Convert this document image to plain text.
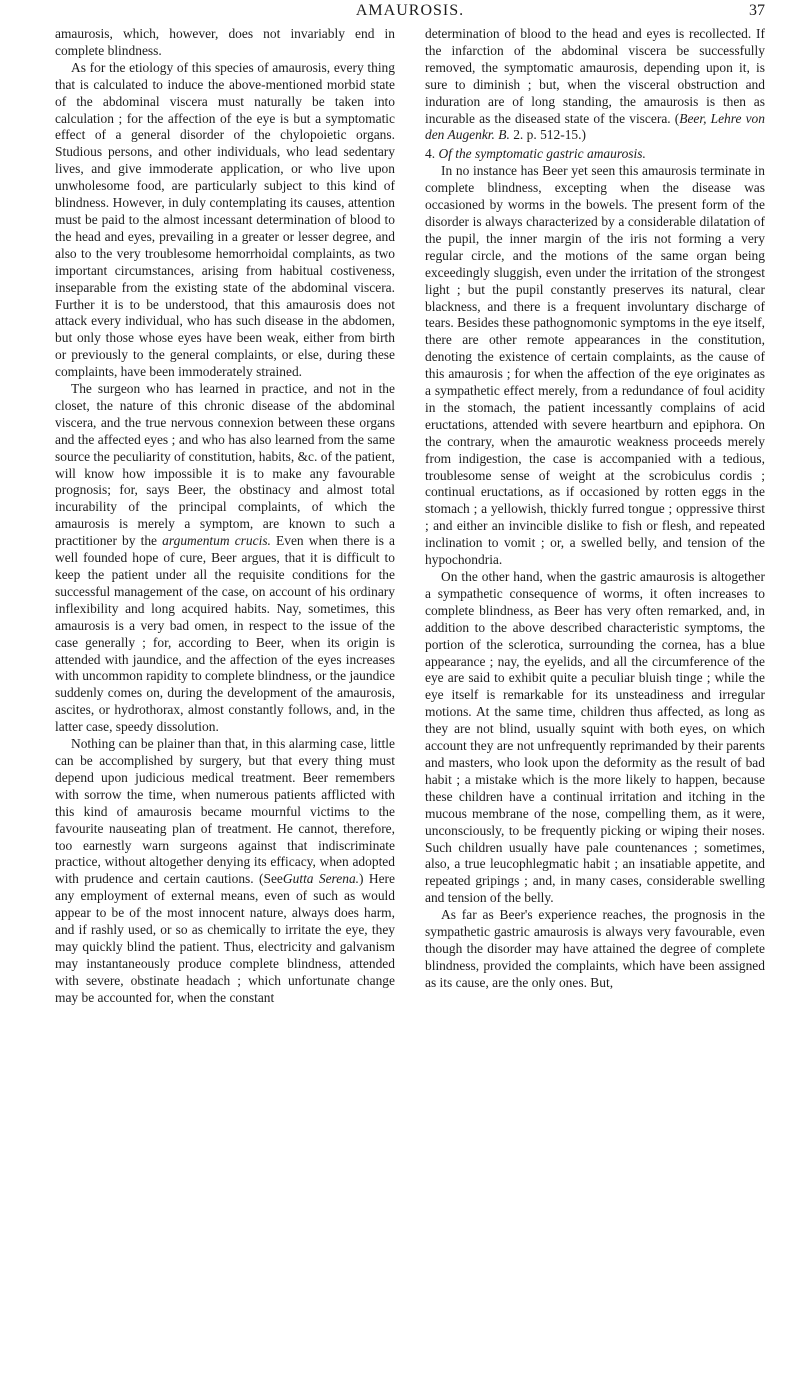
AMAUROSIS.	37

amaurosis, which, however, does not invariably end in complete blindness.

As for the etiology of this species of amaurosis, every thing that is calculated to induce the above-mentioned morbid state of the abdominal viscera must naturally be taken into calculation ; for the affection of the eye is but a symptomatic effect of a general disorder of the chylopoietic organs. Studious persons, and other individuals, who lead sedentary lives, and give immoderate application, or who live upon unwholesome food, are particularly subject to this kind of blindness. However, in duly contemplating its causes, attention must be paid to the almost incessant determination of blood to the head and eyes, prevailing in a greater or lesser degree, and also to the very troublesome hemorrhoidal complaints, as two important circumstances, arising from habitual costiveness, inseparable from the existing state of the abdominal viscera. Further it is to be understood, that this amaurosis does not attack every individual, who has such disease in the abdomen, but only those whose eyes have been weak, either from birth or previously to the general complaints, or else, during these complaints, have been immoderately strained.

The surgeon who has learned in practice, and not in the closet, the nature of this chronic disease of the abdominal viscera, and the true nervous connexion between these organs and the affected eyes ; and who has also learned from the same source the peculiarity of constitution, habits, &c. of the patient, will know how impossible it is to make any favourable prognosis; for, says Beer, the obstinacy and almost total incurability of the principal complaints, of which the amaurosis is merely a symptom, are known to such a practitioner by the argumentum crucis. Even when there is a well founded hope of cure, Beer argues, that it is difficult to keep the patient under all the requisite conditions for the successful management of the case, on account of his ordinary inflexibility and long acquired habits. Nay, sometimes, this amaurosis is a very bad omen, in respect to the issue of the case generally ; for, according to Beer, when its origin is attended with jaundice, and the affection of the eyes increases with uncommon rapidity to complete blindness, or the jaundice suddenly comes on, during the development of the amaurosis, ascites, or hydrothorax, almost constantly follows, and, in the latter case, speedy dissolution.

Nothing can be plainer than that, in this alarming case, little can be accomplished by surgery, but that every thing must depend upon judicious medical treatment. Beer remembers with sorrow the time, when numerous patients afflicted with this kind of amaurosis became mournful victims to the favourite nauseating plan of treatment. He cannot, therefore, too earnestly warn surgeons against that indiscriminate practice, without altogether denying its efficacy, when adopted with prudence and certain cautions. (SeeGutta Serena.) Here any employment of external means, even of such as would appear to be of the most innocent nature, always does harm, and if rashly used, or so as chemically to irritate the eye, they may quickly blind the patient. Thus, electricity and galvanism may instantaneously produce complete blindness, attended with severe, obstinate headach ; which unfortunate change may be accounted for, when the constant

determination of blood to the head and eyes is recollected. If the infarction of the abdominal viscera be successfully removed, the symptomatic amaurosis, depending upon it, is sure to diminish ; but, when the visceral obstruction and induration are of long standing, the amaurosis is then as incurable as the diseased state of the viscera. (Beer, Lehre von den Augenkr. B. 2. p. 512-15.)

4. Of the symptomatic gastric amaurosis.

In no instance has Beer yet seen this amaurosis terminate in complete blindness, excepting when the disease was occasioned by worms in the bowels. The present form of the disorder is always characterized by a considerable dilatation of the pupil, the inner margin of the iris not forming a very regular circle, and the motions of the same organ being exceedingly sluggish, even under the irritation of the strongest light ; but the pupil constantly preserves its natural, clear blackness, and there is a frequent involuntary discharge of tears. Besides these pathognomonic symptoms in the eye itself, there are other remote appearances in the constitution, denoting the existence of certain complaints, as the cause of this amaurosis ; for when the affection of the eye originates as a sympathetic effect merely, from a redundance of foul acidity in the stomach, the patient incessantly complains of acid eructations, attended with severe heartburn and epiphora. On the contrary, when the amaurotic weakness proceeds merely from indigestion, the case is accompanied with a tedious, troublesome sense of weight at the scrobiculus cordis ; continual eructations, as if occasioned by rotten eggs in the stomach ; a yellowish, thickly furred tongue ; oppressive thirst ; and either an invincible dislike to fish or flesh, and repeated inclination to vomit ; or, a swelled belly, and tension of the hypochondria.

On the other hand, when the gastric amaurosis is altogether a sympathetic consequence of worms, it often increases to complete blindness, as Beer has very often remarked, and, in addition to the above described characteristic symptoms, the portion of the sclerotica, surrounding the cornea, has a blue appearance ; nay, the eyelids, and all the circumference of the eye are said to exhibit quite a peculiar bluish tinge ; while the eye itself is remarkable for its unsteadiness and irregular motions. At the same time, children thus affected, as long as they are not blind, usually squint with both eyes, on which account they are not unfrequently reprimanded by their parents and masters, who look upon the deformity as the result of bad habit ; a mistake which is the more likely to happen, because these children have a continual irritation and itching in the mucous membrane of the nose, compelling them, as it were, unconsciously, to be frequently picking or wiping their noses. Such children usually have pale countenances ; sometimes, also, a true leucophlegmatic habit ; an insatiable appetite, and repeated gripings ; and, in many cases, considerable swelling and tension of the belly.

As far as Beer's experience reaches, the prognosis in the sympathetic gastric amaurosis is always very favourable, even though the disorder may have attained the degree of complete blindness, provided the complaints, which have been assigned as its cause, are the only ones. But,
